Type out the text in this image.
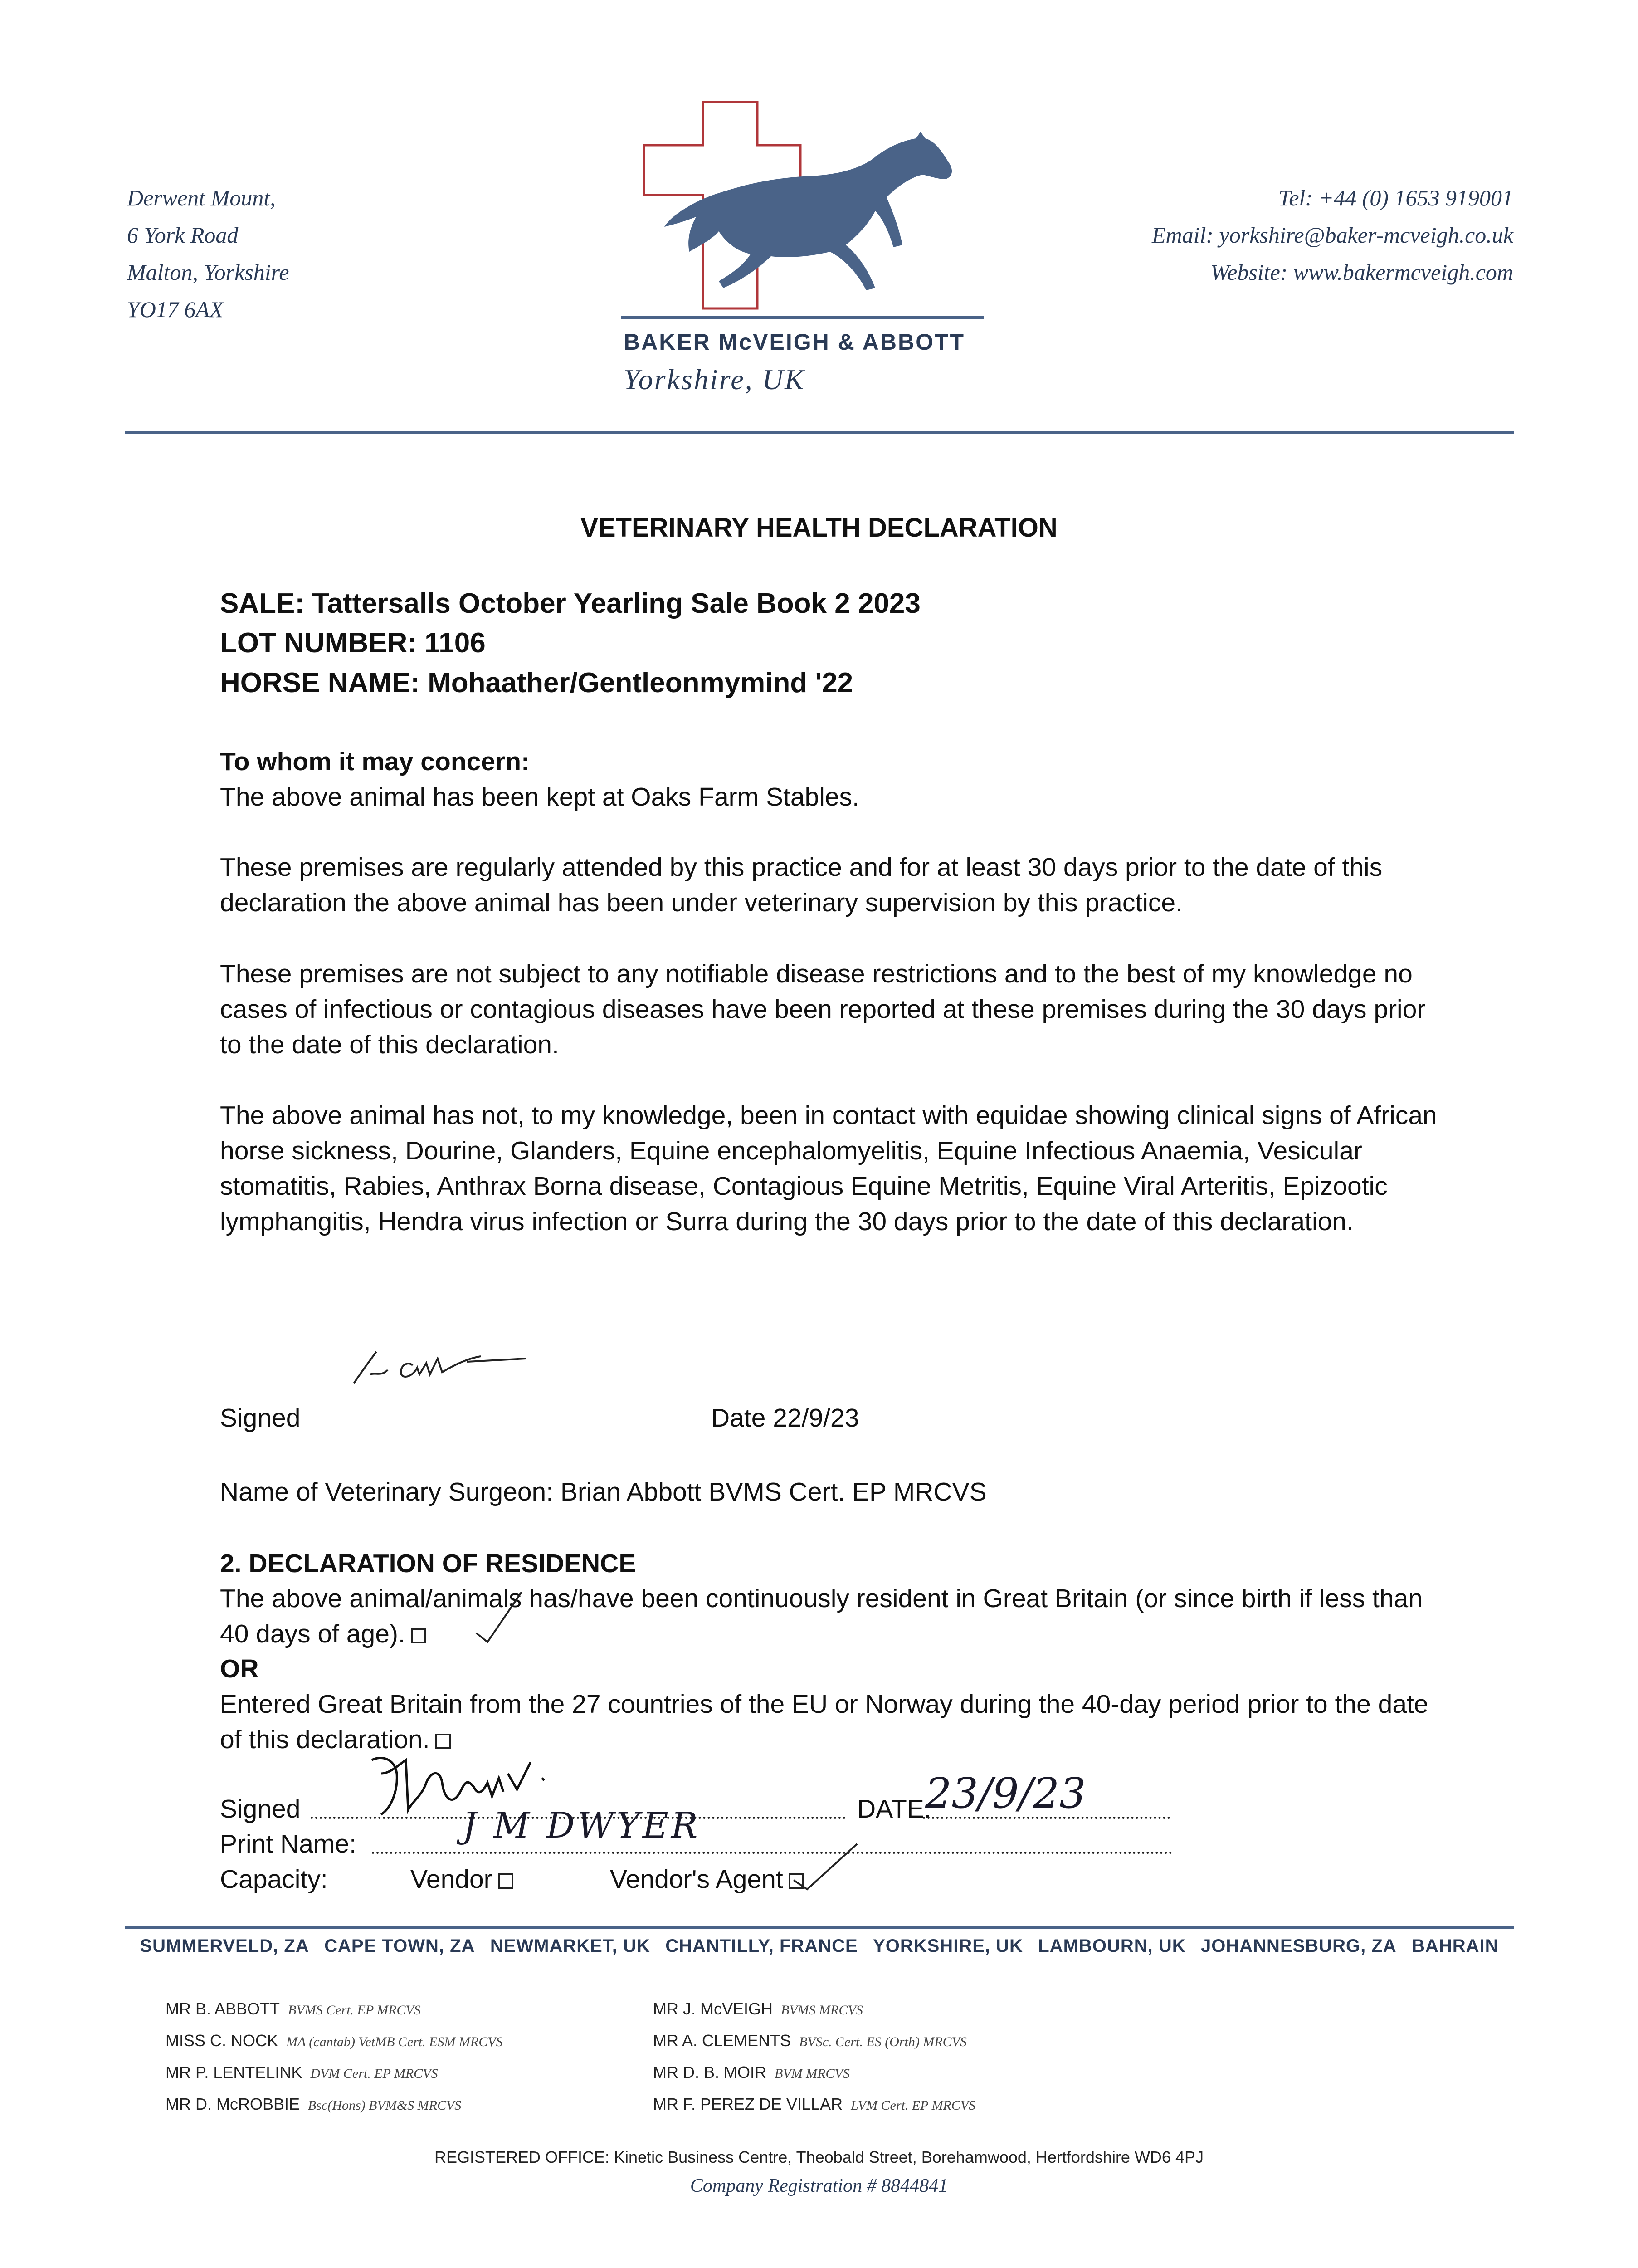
Derwent Mount,
6 York Road
Malton, Yorkshire
YO17 6AX
Tel: +44 (0) 1653 919001
Email: yorkshire@baker-mcveigh.co.uk
Website: www.bakermcveigh.com
BAKER McVEIGH & ABBOTT
Yorkshire, UK
VETERINARY HEALTH DECLARATION
SALE: Tattersalls October Yearling Sale Book 2 2023
LOT NUMBER: 1106
HORSE NAME: Mohaather/Gentleonmymind '22
To whom it may concern:
The above animal has been kept at Oaks Farm Stables.
These premises are regularly attended by this practice and for at least 30 days prior to the date of this declaration the above animal has been under veterinary supervision by this practice.
These premises are not subject to any notifiable disease restrictions and to the best of my knowledge no cases of infectious or contagious diseases have been reported at these premises during the 30 days prior to the date of this declaration.
The above animal has not, to my knowledge, been in contact with equidae showing clinical signs of African horse sickness, Dourine, Glanders, Equine encephalomyelitis, Equine Infectious Anaemia, Vesicular stomatitis, Rabies, Anthrax Borna disease, Contagious Equine Metritis, Equine Viral Arteritis, Epizootic lymphangitis, Hendra virus infection or Surra during the 30 days prior to the date of this declaration.
Signed	Date 22/9/23
Name of Veterinary Surgeon: Brian Abbott BVMS Cert. EP MRCVS
2. DECLARATION OF RESIDENCE
The above animal/animals has/have been continuously resident in Great Britain (or since birth if less than 40 days of age).
OR
Entered Great Britain from the 27 countries of the EU or Norway during the 40-day period prior to the date of this declaration.
Signed	DATE:
23/9/23
Print Name:	J M DWYER
Capacity:	Vendor	Vendor's Agent
SUMMERVELD, ZA CAPE TOWN, ZA NEWMARKET, UK CHANTILLY, FRANCE YORKSHIRE, UK LAMBOURN, UK JOHANNESBURG, ZA BAHRAIN
MR B. ABBOTT BVMS Cert. EP MRCVS
MISS C. NOCK MA (cantab) VetMB Cert. ESM MRCVS
MR P. LENTELINK DVM Cert. EP MRCVS
MR D. McROBBIE Bsc(Hons) BVM&S MRCVS
MR J. McVEIGH BVMS MRCVS
MR A. CLEMENTS BVSc. Cert. ES (Orth) MRCVS
MR D. B. MOIR BVM MRCVS
MR F. PEREZ DE VILLAR LVM Cert. EP MRCVS
REGISTERED OFFICE: Kinetic Business Centre, Theobald Street, Borehamwood, Hertfordshire WD6 4PJ
Company Registration # 8844841
